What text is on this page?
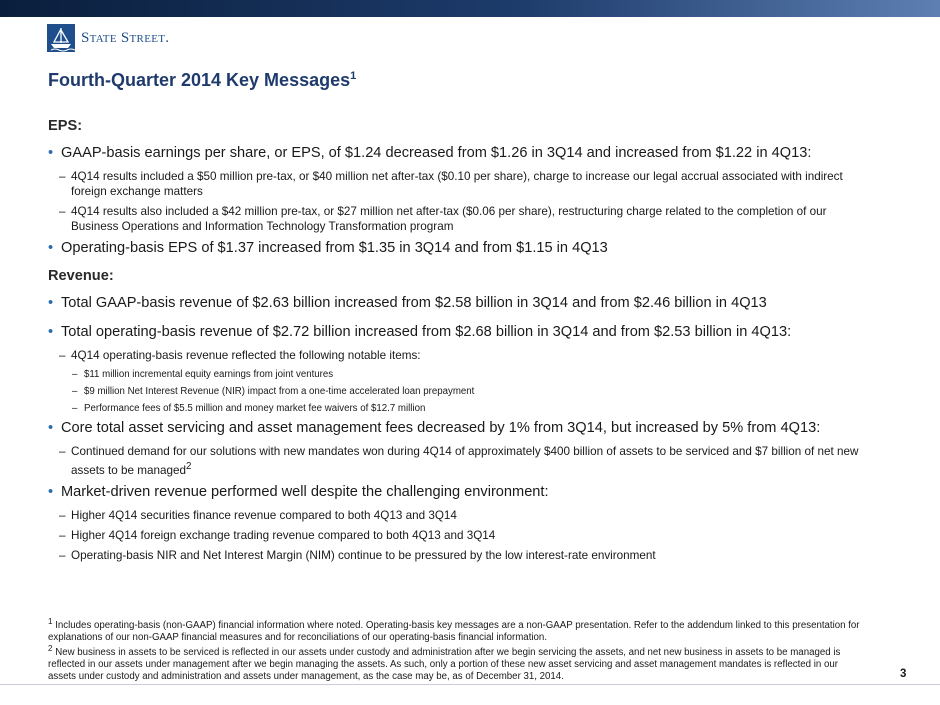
State Street.
Fourth-Quarter 2014 Key Messages$^1$

EPS:

• GAAP-basis earnings per share, or EPS, of $1.24 decreased from $1.26 in 3Q14 and increased from $1.22 in 4Q13:

– 4Q14 results included a $50 million pre-tax, or $40 million net after-tax ($0.10 per share), charge to increase our legal accrual associated with indirect foreign exchange matters

– 4Q14 results also included a $42 million pre-tax, or $27 million net after-tax ($0.06 per share), restructuring charge related to the completion of our Business Operations and Information Technology Transformation program

• Operating-basis EPS of $1.37 increased from $1.35 in 3Q14 and from $1.15 in 4Q13

Revenue:

• Total GAAP-basis revenue of $2.63 billion increased from $2.58 billion in 3Q14 and from $2.46 billion in 4Q13

• Total operating-basis revenue of $2.72 billion increased from $2.68 billion in 3Q14 and from $2.53 billion in 4Q13:

– 4Q14 operating-basis revenue reflected the following notable items:

– $11 million incremental equity earnings from joint ventures

– $9 million Net Interest Revenue (NIR) impact from a one-time accelerated loan prepayment

– Performance fees of $5.5 million and money market fee waivers of $12.7 million

• Core total asset servicing and asset management fees decreased by 1% from 3Q14, but increased by 5% from 4Q13:

– Continued demand for our solutions with new mandates won during 4Q14 of approximately $400 billion of assets to be serviced and $7 billion of net new assets to be managed$^2$

• Market-driven revenue performed well despite the challenging environment:

– Higher 4Q14 securities finance revenue compared to both 4Q13 and 3Q14

– Higher 4Q14 foreign exchange trading revenue compared to both 4Q13 and 3Q14

– Operating-basis NIR and Net Interest Margin (NIM) continue to be pressured by the low interest-rate environment

$^1$ Includes operating-basis (non-GAAP) financial information where noted. Operating-basis key messages are a non-GAAP presentation. Refer to the addendum linked to this presentation for explanations of our non-GAAP financial measures and for reconciliations of our operating-basis financial information.

$^2$ New business in assets to be serviced is reflected in our assets under custody and administration after we begin servicing the assets, and net new business in assets to be managed is reflected in our assets under management after we begin managing the assets. As such, only a portion of these new asset servicing and asset management mandates is reflected in our assets under custody and administration and assets under management, as the case may be, as of December 31, 2014.	3
